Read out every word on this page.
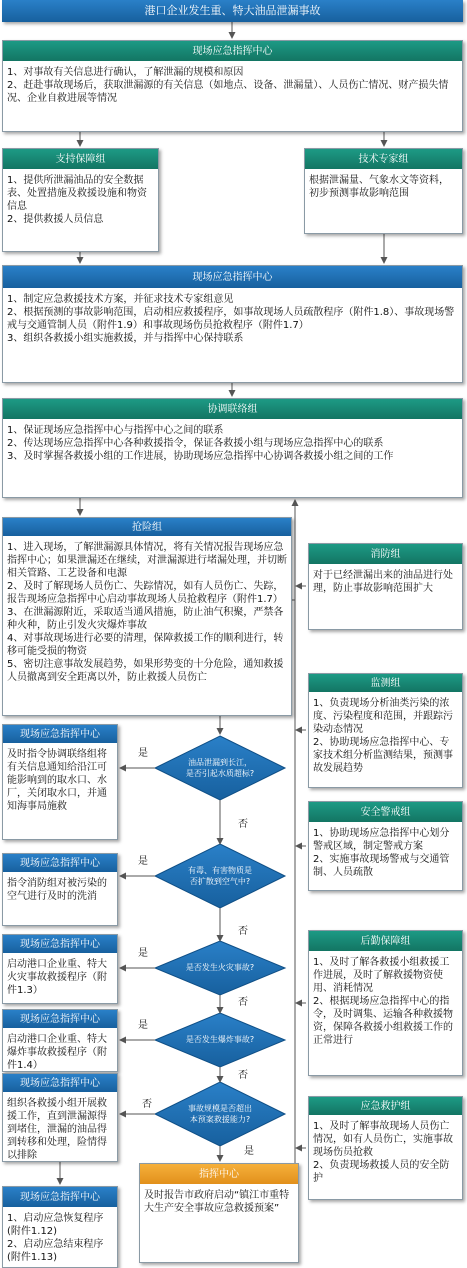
港口企业发生重、特大油品泄漏事故
现场应急指挥中心

1、对事故有关信息进行确认，了解泄漏的规模和原因

2、赶赴事故现场后，获取泄漏源的有关信息（如地点、设备、泄漏量）、人员伤亡情况、财产损失情况、企业自救进展等情况

支持保障组

1、提供所泄漏油品的安全数据表、处置措施及救援设施和物资信息

2、提供救援人员信息

技术专家组

根据泄漏量、气象水文等资料，初步预测事故影响范围

现场应急指挥中心

1、制定应急救援技术方案，并征求技术专家组意见

2、根据预测的事故影响范围，启动相应救援程序，如事故现场人员疏散程序（附件1.8）、事故现场警戒与交通管制人员（附件1.9）和事故现场伤员抢救程序（附件1.7）

3、组织各救援小组实施救援，并与指挥中心保持联系

协调联络组

1、保证现场应急指挥中心与指挥中心之间的联系

2、传达现场应急指挥中心各种救援指令，保证各救援小组与现场应急指挥中心的联系

3、及时掌握各救援小组的工作进展，协助现场应急指挥中心协调各救援小组之间的工作

抢险组

1、进入现场，了解泄漏源具体情况，将有关情况报告现场应急指挥中心；如果泄漏还在继续，对泄漏源进行堵漏处理，并切断相关管路、工艺设备和电源

2、及时了解现场人员伤亡、失踪情况，如有人员伤亡、失踪，报告现场应急指挥中心启动事故现场人员抢救程序（附件1.7）

3、在泄漏源附近，采取适当通风措施，防止油气积聚，严禁各种火种，防止引发火灾爆炸事故

4、对事故现场进行必要的清理，保障救援工作的顺利进行，转移可能受损的物资

5、密切注意事故发展趋势，如果形势变的十分危险，通知救援人员撤离到安全距离以外，防止救援人员伤亡

消防组

对于已经泄漏出来的油品进行处理，防止事故影响范围扩大

监测组

1、负责现场分析油类污染的浓度、污染程度和范围，并跟踪污染动态情况

2、协助现场应急指挥中心、专家技术组分析监测结果，预测事故发展趋势

安全警戒组

1、协助现场应急指挥中心划分警戒区域，制定警戒方案

2、实施事故现场警戒与交通管制、人员疏散

后勤保障组

1、及时了解各救援小组救援工作进展，及时了解救援物资使用、消耗情况

2、根据现场应急指挥中心的指令，及时调集、运输各种救援物资，保障各救援小组救援工作的正常进行

应急救护组

1、及时了解事故现场人员伤亡情况，如有人员伤亡，实施事故现场伤员抢救

2、负责现场救援人员的安全防护

现场应急指挥中心

及时指令协调联络组将有关信息通知给沿江可能影响到的取水口、水厂，关闭取水口，并通知海事局施救

现场应急指挥中心

指令消防组对被污染的空气进行及时的洗消

现场应急指挥中心

启动港口企业重、特大火灾事故救援程序（附件1.3）

现场应急指挥中心

启动港口企业重、特大爆炸事故救援程序（附件1.4）

现场应急指挥中心

组织各救援小组开展救援工作，直到泄漏源得到堵住，泄漏的油品得到转移和处理，险情得以排除

现场应急指挥中心

1、启动应急恢复程序(附件1.12)

2、启动应急结束程序(附件1.13)

指挥中心

及时报告市政府启动“镇江市重特大生产安全事故应急救援预案”

油品泄漏到长江，是否引起水质超标?
有毒、有害物质是否扩散到空气中?
是否发生火灾事故?
是否发生爆炸事故?
事故规模是否超出本预案救援能力?
是
否
是
否
是
否
是
否
否
是
